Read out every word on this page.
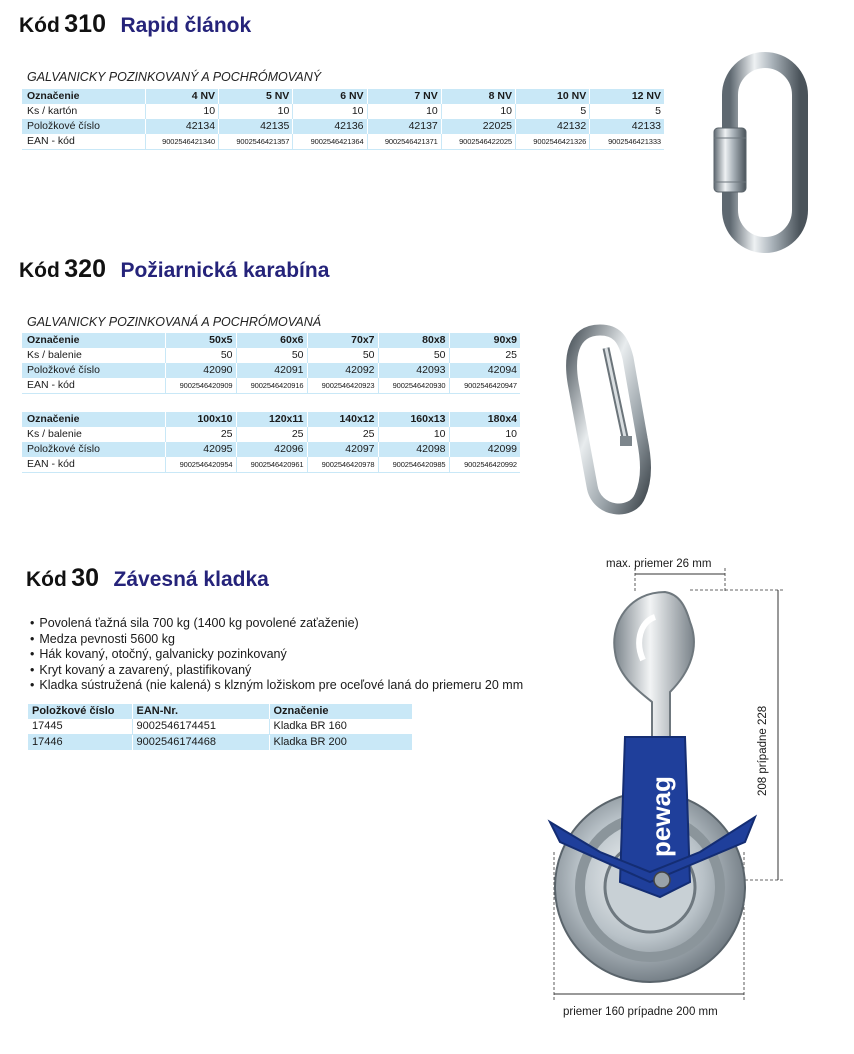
Kód 310 Rapid článok
GALVANICKY POZINKOVANÝ A POCHRÓMOVANÝ
Označenie	4 NV	5 NV	6 NV	7 NV	8 NV	10 NV	12 NV
Ks / kartón	10	10	10	10	10	5	5
Položkové číslo	42134	42135	42136	42137	22025	42132	42133
EAN - kód	9002546421340	9002546421357	9002546421364	9002546421371	9002546422025	9002546421326	9002546421333
Kód 320 Požiarnická karabína
GALVANICKY POZINKOVANÁ A POCHRÓMOVANÁ
Označenie	50x5	60x6	70x7	80x8	90x9
Ks / balenie	50	50	50	50	25
Položkové číslo	42090	42091	42092	42093	42094
EAN - kód	9002546420909	9002546420916	9002546420923	9002546420930	9002546420947
Označenie	100x10	120x11	140x12	160x13	180x4
Ks / balenie	25	25	25	10	10
Položkové číslo	42095	42096	42097	42098	42099
EAN - kód	9002546420954	9002546420961	9002546420978	9002546420985	9002546420992
Kód 30 Závesná kladka
• Povolená ťažná sila 700 kg (1400 kg povolené zaťaženie)
• Medza pevnosti 5600 kg
• Hák kovaný, otočný, galvanicky pozinkovaný
• Kryt kovaný a zavarený, plastifikovaný
• Kladka sústružená (nie kalená) s klzným ložiskom pre oceľové laná do priemeru 20 mm
Položkové číslo	EAN-Nr.	Označenie
17445	9002546174451	Kladka BR 160
17446	9002546174468	Kladka BR 200
pewag
max. priemer 26 mm
208 prípadne 228
priemer 160 prípadne 200 mm
